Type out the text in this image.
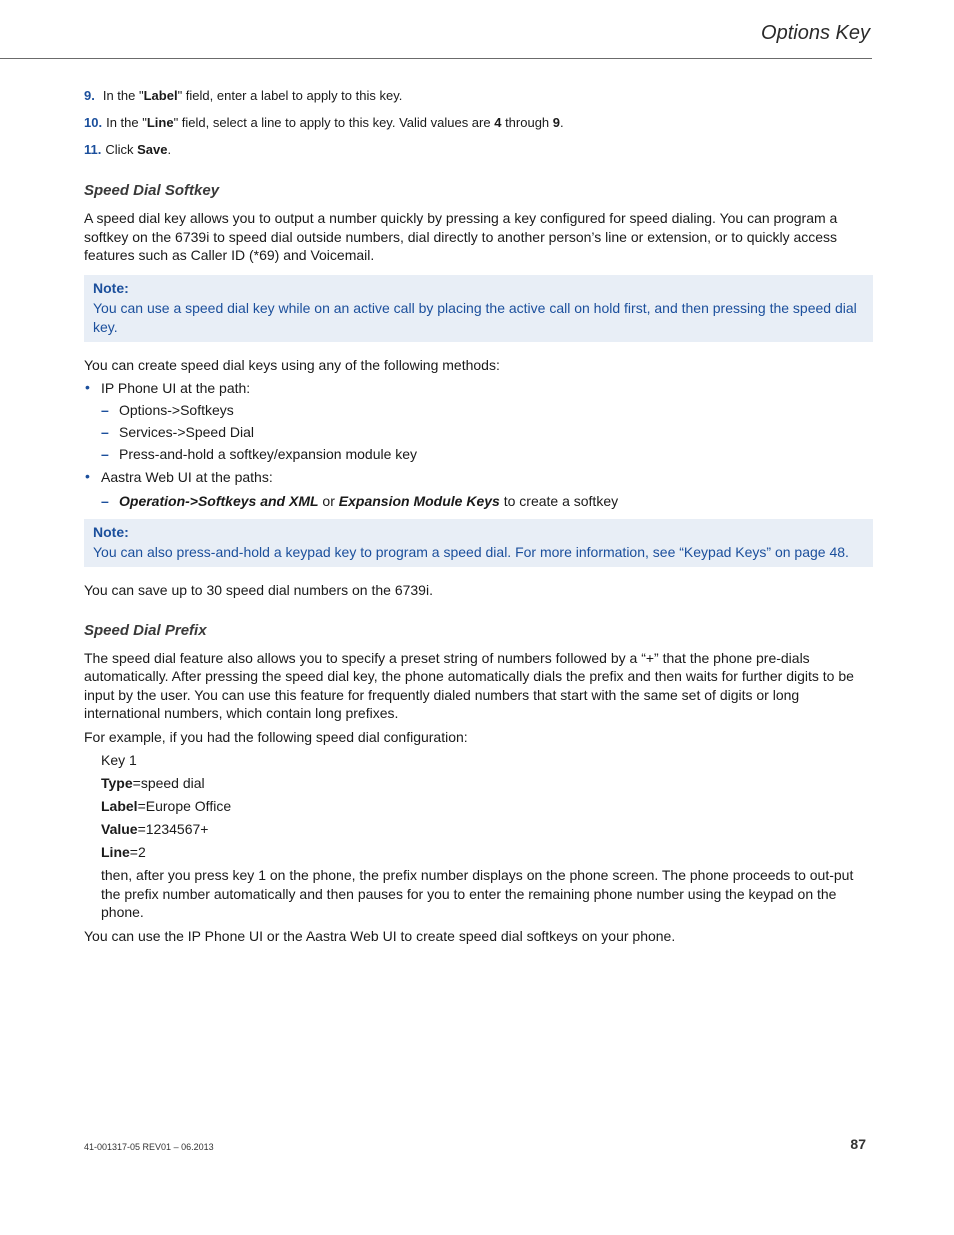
Options Key
9. In the "Label" field, enter a label to apply to this key.
10. In the "Line" field, select a line to apply to this key. Valid values are 4 through 9.
11. Click Save.
Speed Dial Softkey

A speed dial key allows you to output a number quickly by pressing a key configured for speed dialing. You can program a softkey on the 6739i to speed dial outside numbers, dial directly to another person’s line or extension, or to quickly access features such as Caller ID (*69) and Voicemail.

Note:
You can use a speed dial key while on an active call by placing the active call on hold first, and then pressing the speed dial key.

You can create speed dial keys using any of the following methods:

• IP Phone UI at the path:
– Options->Softkeys
– Services->Speed Dial
– Press-and-hold a softkey/expansion module key
• Aastra Web UI at the paths:
– Operation->Softkeys and XML or Expansion Module Keys to create a softkey
Note:
You can also press-and-hold a keypad key to program a speed dial. For more information, see “Keypad Keys” on page 48.

You can save up to 30 speed dial numbers on the 6739i.

Speed Dial Prefix

The speed dial feature also allows you to specify a preset string of numbers followed by a “+” that the phone pre-dials automatically. After pressing the speed dial key, the phone automatically dials the prefix and then waits for further digits to be input by the user. You can use this feature for frequently dialed numbers that start with the same set of digits or long international numbers, which contain long prefixes.

For example, if you had the following speed dial configuration:

Key 1
Type=speed dial
Label=Europe Office
Value=1234567+
Line=2

then, after you press key 1 on the phone, the prefix number displays on the phone screen. The phone proceeds to out-put the prefix number automatically and then pauses for you to enter the remaining phone number using the keypad on the phone.

You can use the IP Phone UI or the Aastra Web UI to create speed dial softkeys on your phone.

41-001317-05 REV01 – 06.2013	87
